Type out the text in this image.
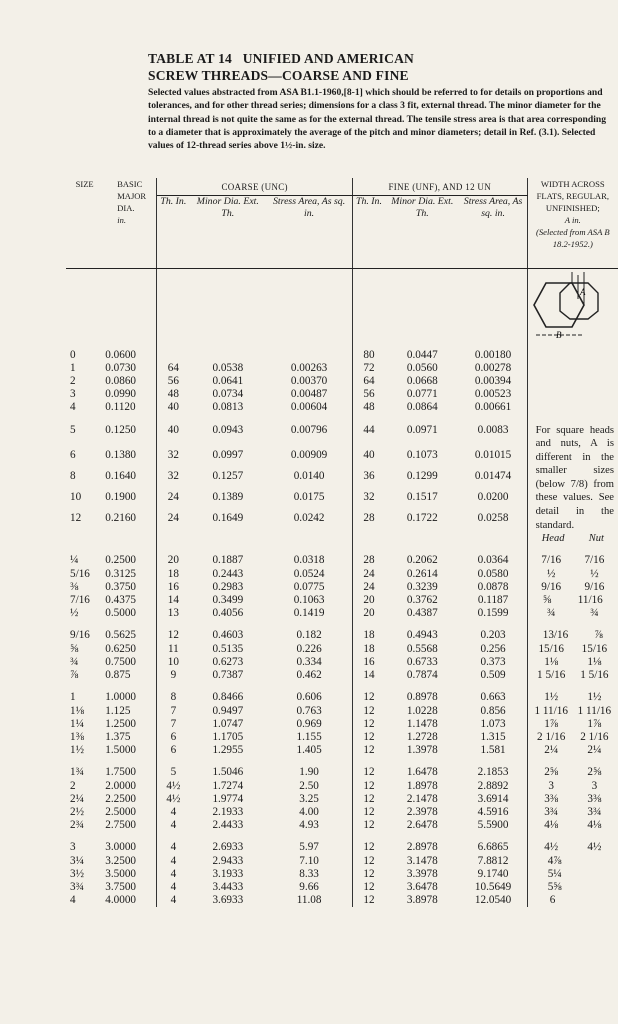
TABLE AT 14 UNIFIED AND AMERICAN
SCREW THREADS—COARSE AND FINE
Selected values abstracted from ASA B1.1-1960,[8-1] which should be referred to for details on proportions and tolerances, and for other thread series; dimensions for a class 3 fit, external thread. The minor diameter for the internal thread is not quite the same as for the external thread. The tensile stress area is that area corresponding to a diameter that is approximately the average of the pitch and minor diameters; detail in Ref. (3.1). Selected values of 12-thread series above 1½-in. size.
SIZE	BASIC MAJOR DIA.
in.	COARSE (UNC)			FINE (UNF), AND 12 UN			WIDTH ACROSS FLATS, REGULAR, UNFINISHED;
A in.
(Selected from ASA B 18.2-1952.)
		Th. In.	Minor Dia. Ext. Th.	Stress Area, As sq. in.	Th. In.	Minor Dia. Ext. Th.	Stress Area, As sq. in.	

A
B

0	0.0600				80	0.0447	0.00180	
1	0.0730	64	0.0538	0.00263	72	0.0560	0.00278	
2	0.0860	56	0.0641	0.00370	64	0.0668	0.00394	
3	0.0990	48	0.0734	0.00487	56	0.0771	0.00523	
4	0.1120	40	0.0813	0.00604	48	0.0864	0.00661	
5	0.1250	40	0.0943	0.00796	44	0.0971	0.0083	For square heads and nuts, A is different in the smaller sizes (below 7/8) from these values. See detail in the standard.
6	0.1380	32	0.0997	0.00909	40	0.1073	0.01015	
8	0.1640	32	0.1257	0.0140	36	0.1299	0.01474	
10	0.1900	24	0.1389	0.0175	32	0.1517	0.0200	
12	0.2160	24	0.1649	0.0242	28	0.1722	0.0258	

Head Nut

¼	0.2500	20	0.1887	0.0318	28	0.2062	0.0364		7/16 7/16

5/16	0.3125	18	0.2443	0.0524	24	0.2614	0.0580		½	½

⅜	0.3750	16	0.2983	0.0775	24	0.3239	0.0878		9/16 9/16

7/16	0.4375	14	0.3499	0.1063	20	0.3762	0.1187		⅝ 11/16

½	0.5000	13	0.4056	0.1419	20	0.4387	0.1599		¾	¾

9/16	0.5625	12	0.4603	0.182	18	0.4943	0.203		13/16 ⅞

⅝	0.6250	11	0.5135	0.226	18	0.5568	0.256		15/16 15/16

¾	0.7500	10	0.6273	0.334	16	0.6733	0.373		1⅛	1⅛

⅞	0.875	9	0.7387	0.462	14	0.7874	0.509		1 5/16 1 5/16

1	1.0000	8	0.8466	0.606	12	0.8978	0.663		1½	1½

1⅛	1.125	7	0.9497	0.763	12	1.0228	0.856		1 11/16 1 11/16

1¼	1.2500	7	1.0747	0.969	12	1.1478	1.073		1⅞	1⅞

1⅜	1.375	6	1.1705	1.155	12	1.2728	1.315		2 1/16 2 1/16

1½	1.5000	6	1.2955	1.405	12	1.3978	1.581		2¼	2¼

1¾	1.7500	5	1.5046	1.90	12	1.6478	2.1853		2⅝	2⅝

2	2.0000	4½	1.7274	2.50	12	1.8978	2.8892		3	3

2¼	2.2500	4½	1.9774	3.25	12	2.1478	3.6914		3⅜	3⅜

2½	2.5000	4	2.1933	4.00	12	2.3978	4.5916		3¾	3¾

2¾	2.7500	4	2.4433	4.93	12	2.6478	5.5900		4⅛	4⅛

3	3.0000	4	2.6933	5.97	12	2.8978	6.6865		4½	4½

3¼	3.2500	4	2.9433	7.10	12	3.1478	7.8812		4⅞

3½	3.5000	4	3.1933	8.33	12	3.3978	9.1740		5¼

3¾	3.7500	4	3.4433	9.66	12	3.6478	10.5649		5⅝

4	4.0000	4	3.6933	11.08	12	3.8978	12.0540		6
